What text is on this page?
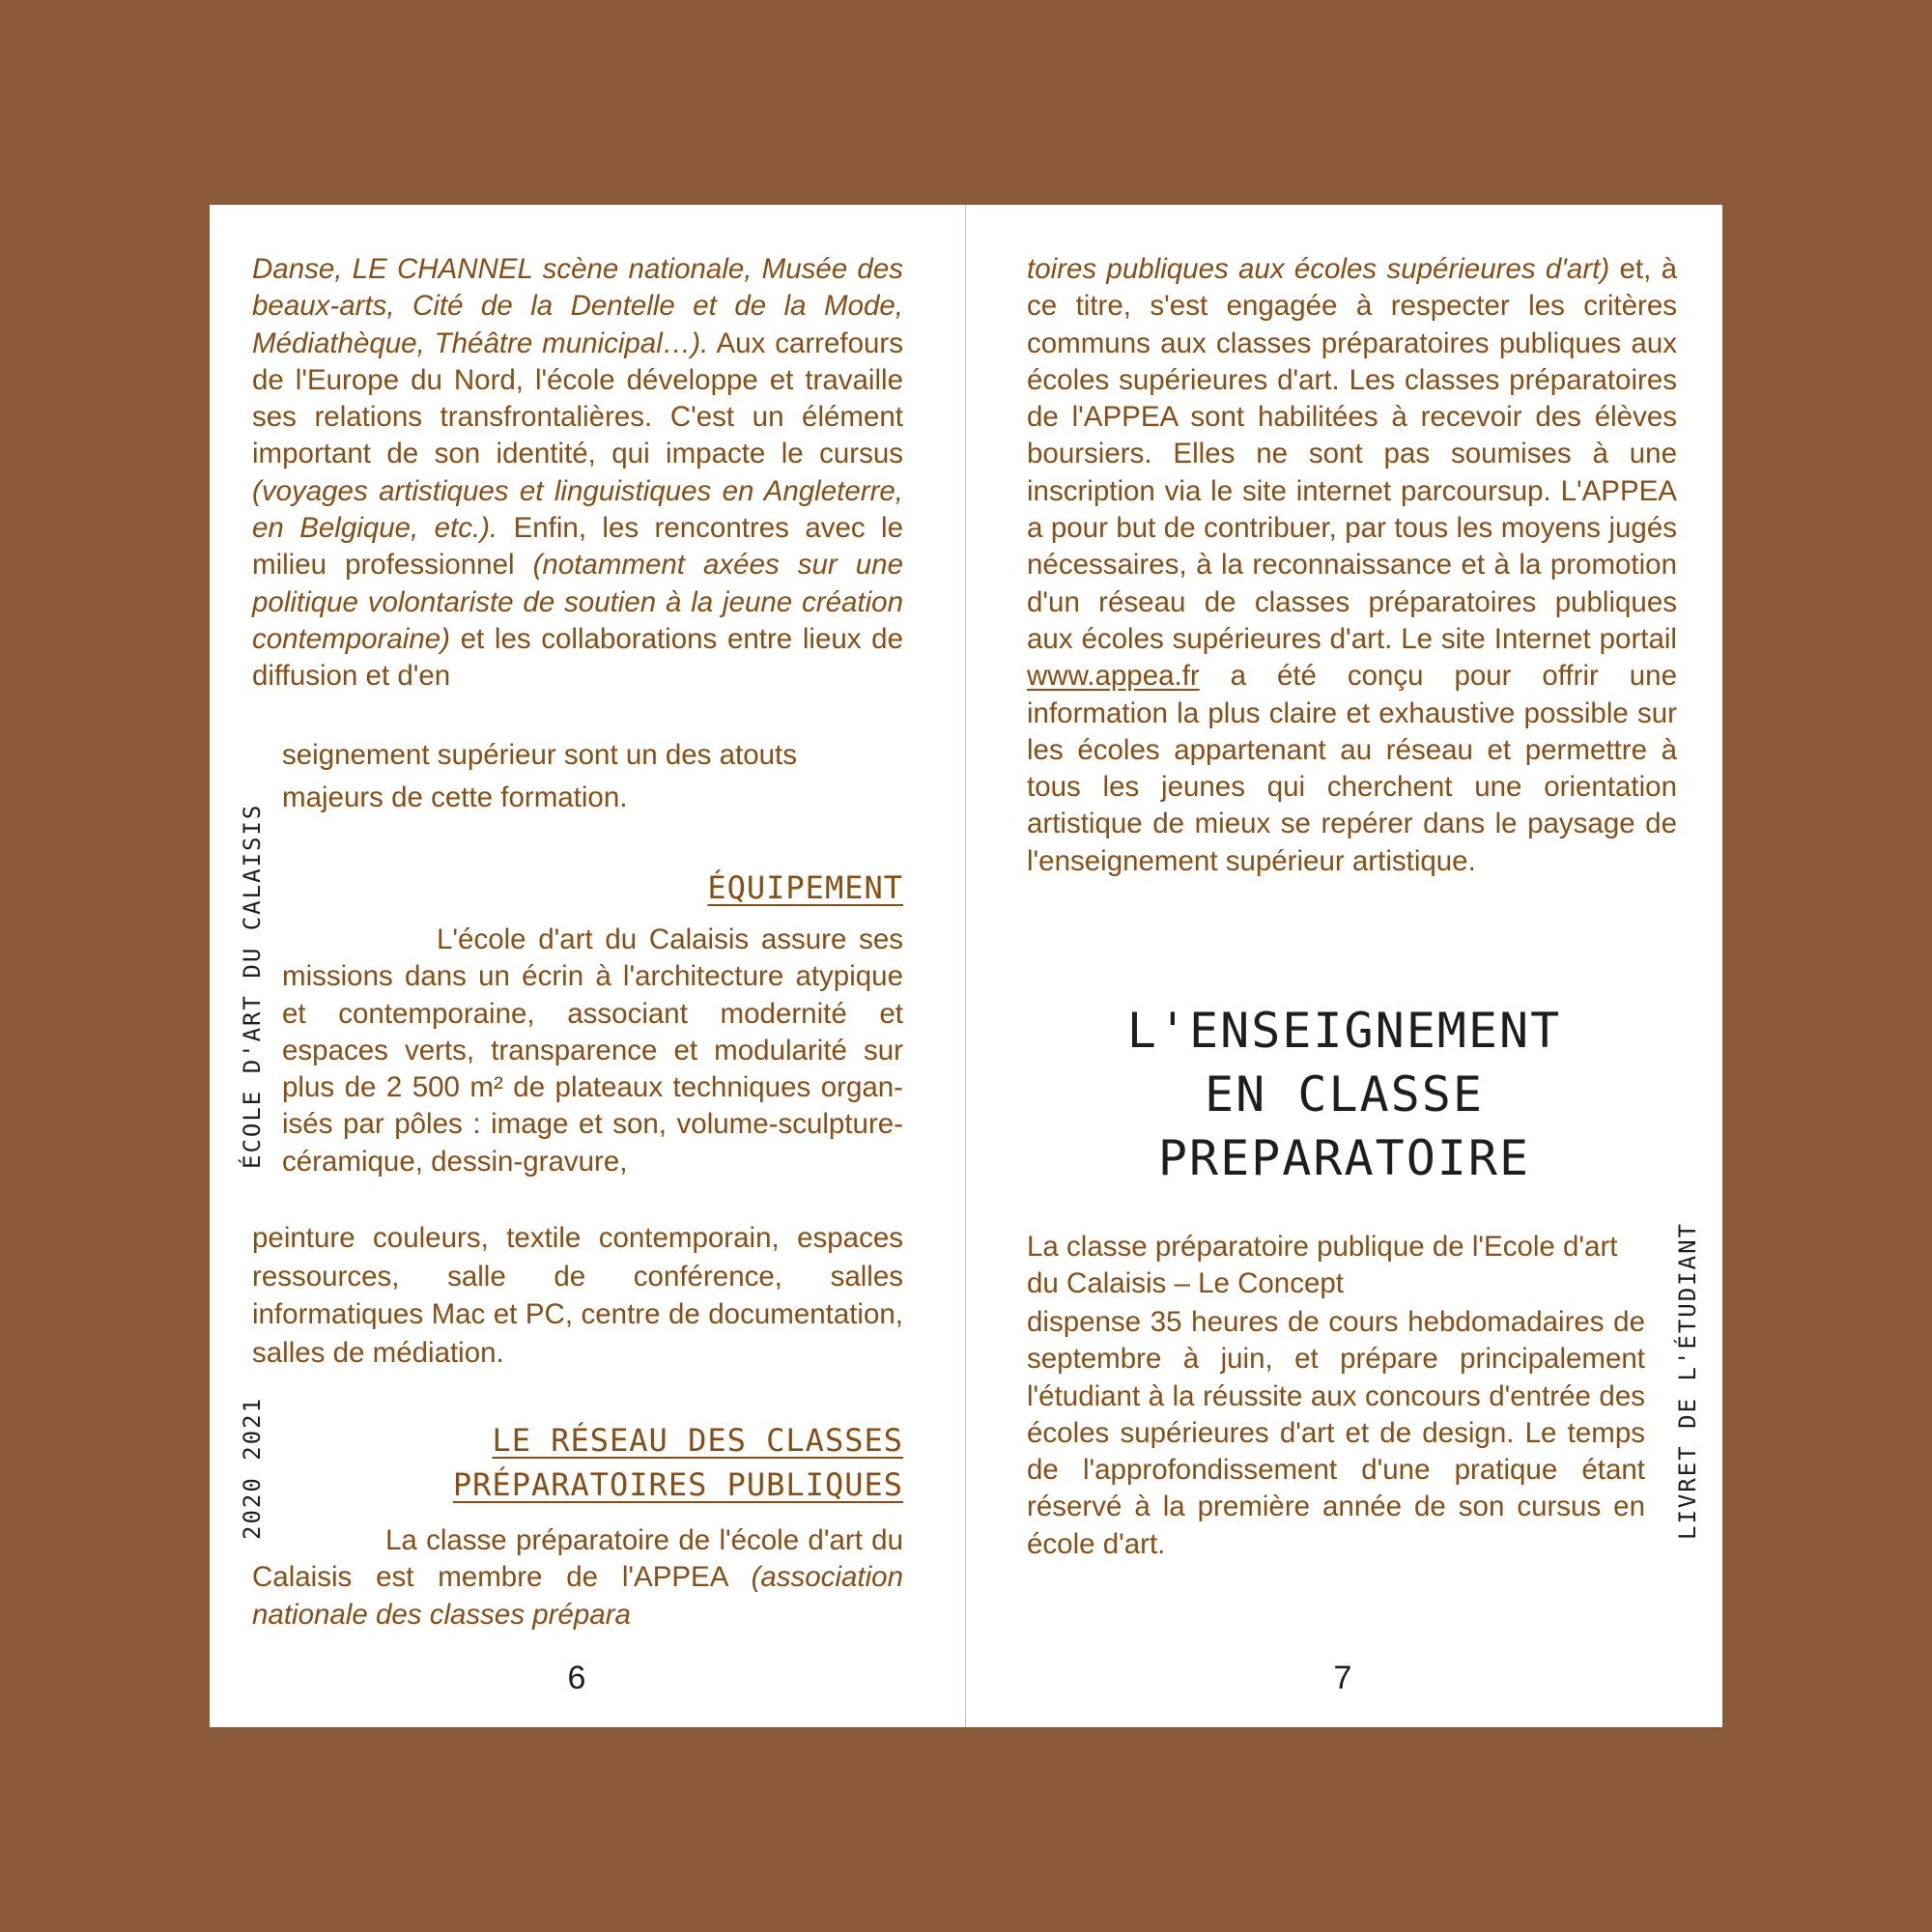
Danse, LE CHANNEL scène nationale, Musée des beaux-arts, Cité de la Dentelle et de la Mode, Médiathèque, Théâtre municipal…). Aux carrefours de l'Europe du Nord, l'école développe et travaille ses relations transfrontalières. C'est un élément important de son identité, qui impacte le cursus (voyages artistiques et linguistiques en Angleterre, en Belgique, etc.). Enfin, les rencontres avec le milieu professionnel (notamment axées sur une politique volontariste de soutien à la jeune création contemporaine) et les collaborations entre lieux de diffusion et d'en

seignement supérieur sont un des atouts majeurs de cette formation.

ÉQUIPEMENT

L'école d'art du Calaisis assure ses missions dans un écrin à l'architecture atypique et contemporaine, associant modernité et espaces verts, transparence et modularité sur plus de 2 500 m² de plateaux techniques organisés par pôles : image et son, volume-sculpture-céramique, dessin-gravure,

peinture couleurs, textile contemporain, espaces ressources, salle de conférence, salles informatiques Mac et PC, centre de documentation, salles de médiation.

LE RÉSEAU DES CLASSES
PRÉPARATOIRES PUBLIQUES

La classe préparatoire de l'école d'art du Calaisis est membre de l'APPEA (association nationale des classes prépara

ÉCOLE D'ART DU CALAISIS
2020 2021
6

toires publiques aux écoles supérieures d'art) et, à ce titre, s'est engagée à respecter les critères communs aux classes préparatoires publiques aux écoles supérieures d'art. Les classes préparatoires de l'APPEA sont habilitées à recevoir des élèves boursiers. Elles ne sont pas soumises à une inscription via le site internet parcoursup. L'APPEA a pour but de contribuer, par tous les moyens jugés nécessaires, à la reconnaissance et à la promotion d'un réseau de classes préparatoires publiques aux écoles supérieures d'art. Le site Internet portail www.appea.fr a été conçu pour offrir une information la plus claire et exhaustive possible sur les écoles appartenant au réseau et permettre à tous les jeunes qui cherchent une orientation artistique de mieux se repérer dans le paysage de l'enseignement supérieur artistique.

L'ENSEIGNEMENT
EN CLASSE
PREPARATOIRE

La classe préparatoire publique de l'Ecole d'art du Calaisis – Le Concept

dispense 35 heures de cours hebdomadaires de septembre à juin, et prépare principalement l'étudiant à la réussite aux concours d'entrée des écoles supérieures d'art et de design. Le temps de l'approfondissement d'une pratique étant réservé à la première année de son cursus en école d'art.

LIVRET DE L'ÉTUDIANT
7
